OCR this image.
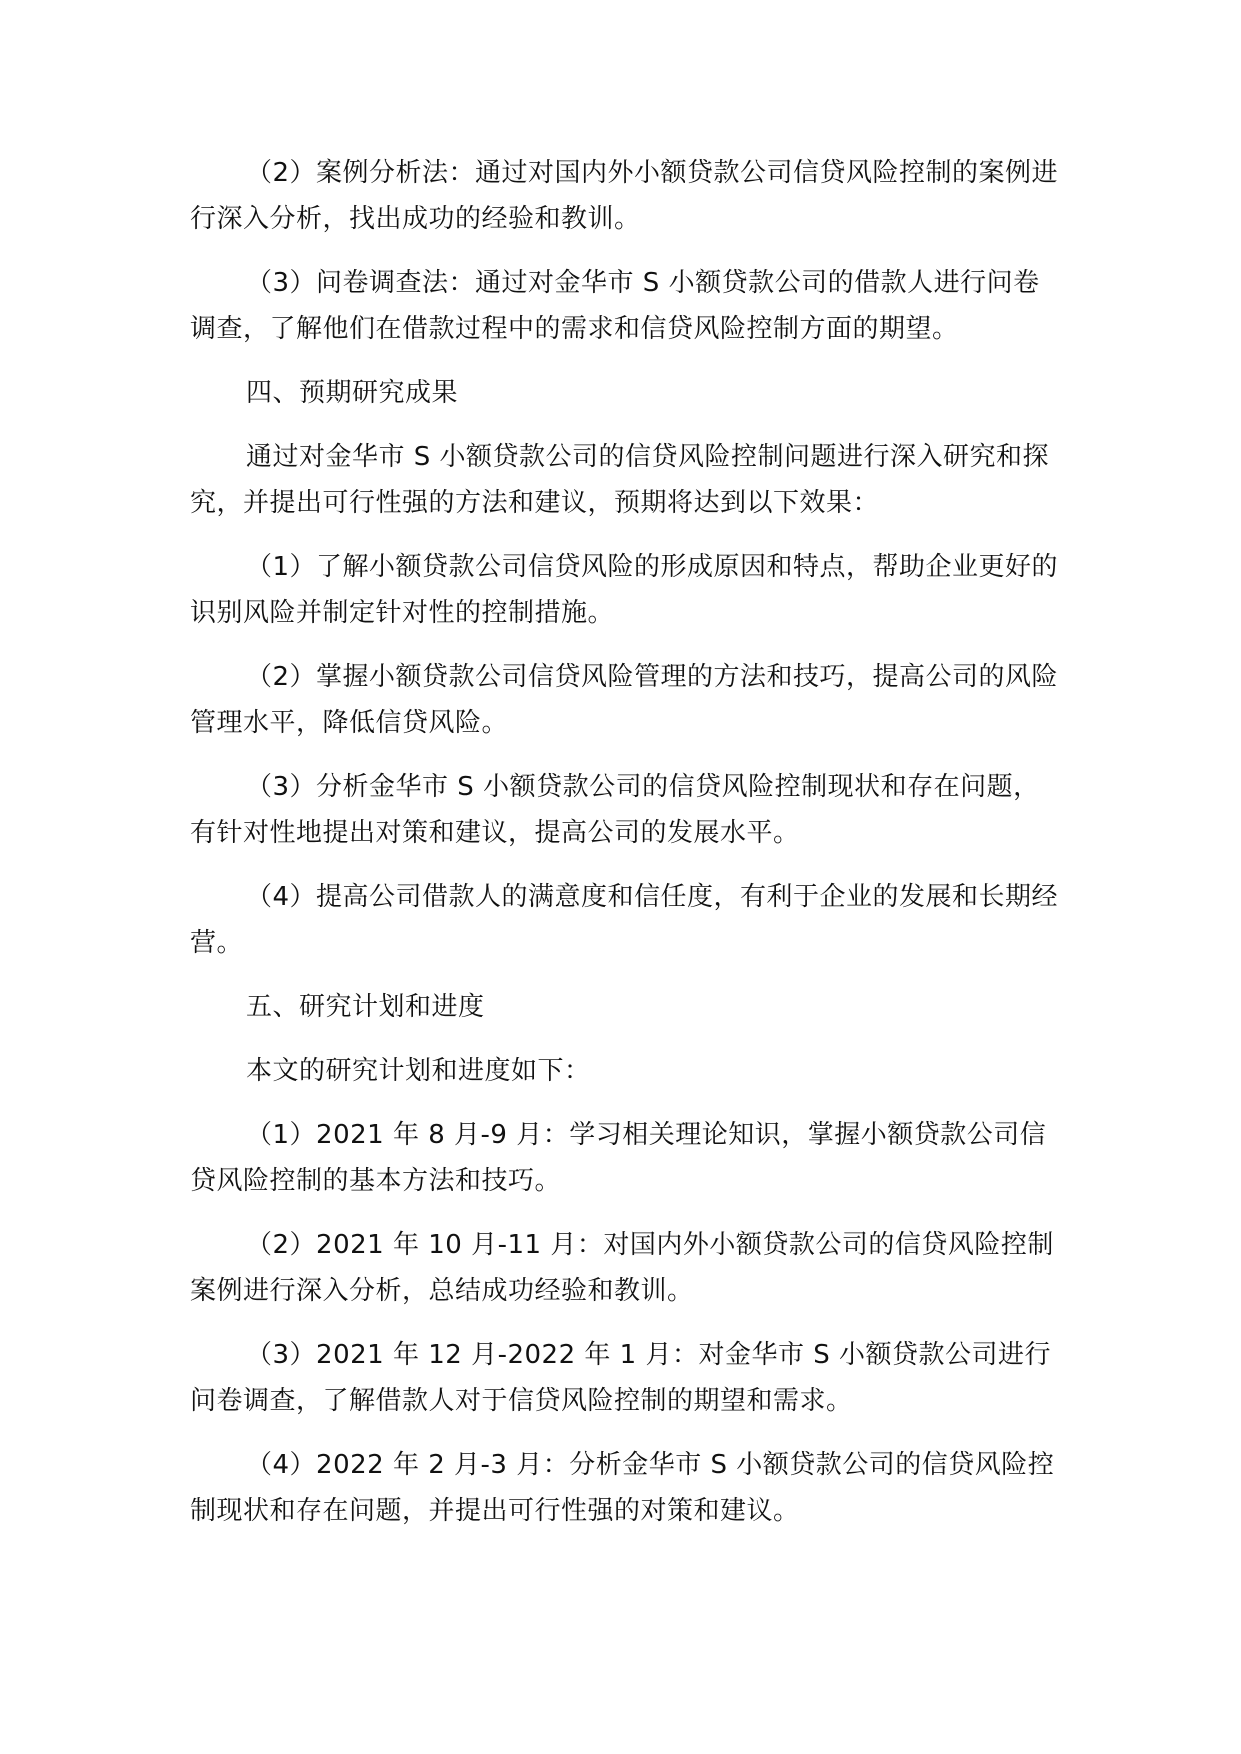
（2）案例分析法：通过对国内外小额贷款公司信贷风险控制的案例进行深入分析，找出成功的经验和教训。

（3）问卷调查法：通过对金华市 S 小额贷款公司的借款人进行问卷调查，了解他们在借款过程中的需求和信贷风险控制方面的期望。

四、预期研究成果

通过对金华市 S 小额贷款公司的信贷风险控制问题进行深入研究和探究，并提出可行性强的方法和建议，预期将达到以下效果：

（1）了解小额贷款公司信贷风险的形成原因和特点，帮助企业更好的识别风险并制定针对性的控制措施。

（2）掌握小额贷款公司信贷风险管理的方法和技巧，提高公司的风险管理水平，降低信贷风险。

（3）分析金华市 S 小额贷款公司的信贷风险控制现状和存在问题，有针对性地提出对策和建议，提高公司的发展水平。

（4）提高公司借款人的满意度和信任度，有利于企业的发展和长期经营。

五、研究计划和进度

本文的研究计划和进度如下：

（1）2021 年 8 月-9 月：学习相关理论知识，掌握小额贷款公司信贷风险控制的基本方法和技巧。

（2）2021 年 10 月-11 月：对国内外小额贷款公司的信贷风险控制案例进行深入分析，总结成功经验和教训。

（3）2021 年 12 月-2022 年 1 月：对金华市 S 小额贷款公司进行问卷调查，了解借款人对于信贷风险控制的期望和需求。

（4）2022 年 2 月-3 月：分析金华市 S 小额贷款公司的信贷风险控制现状和存在问题，并提出可行性强的对策和建议。
